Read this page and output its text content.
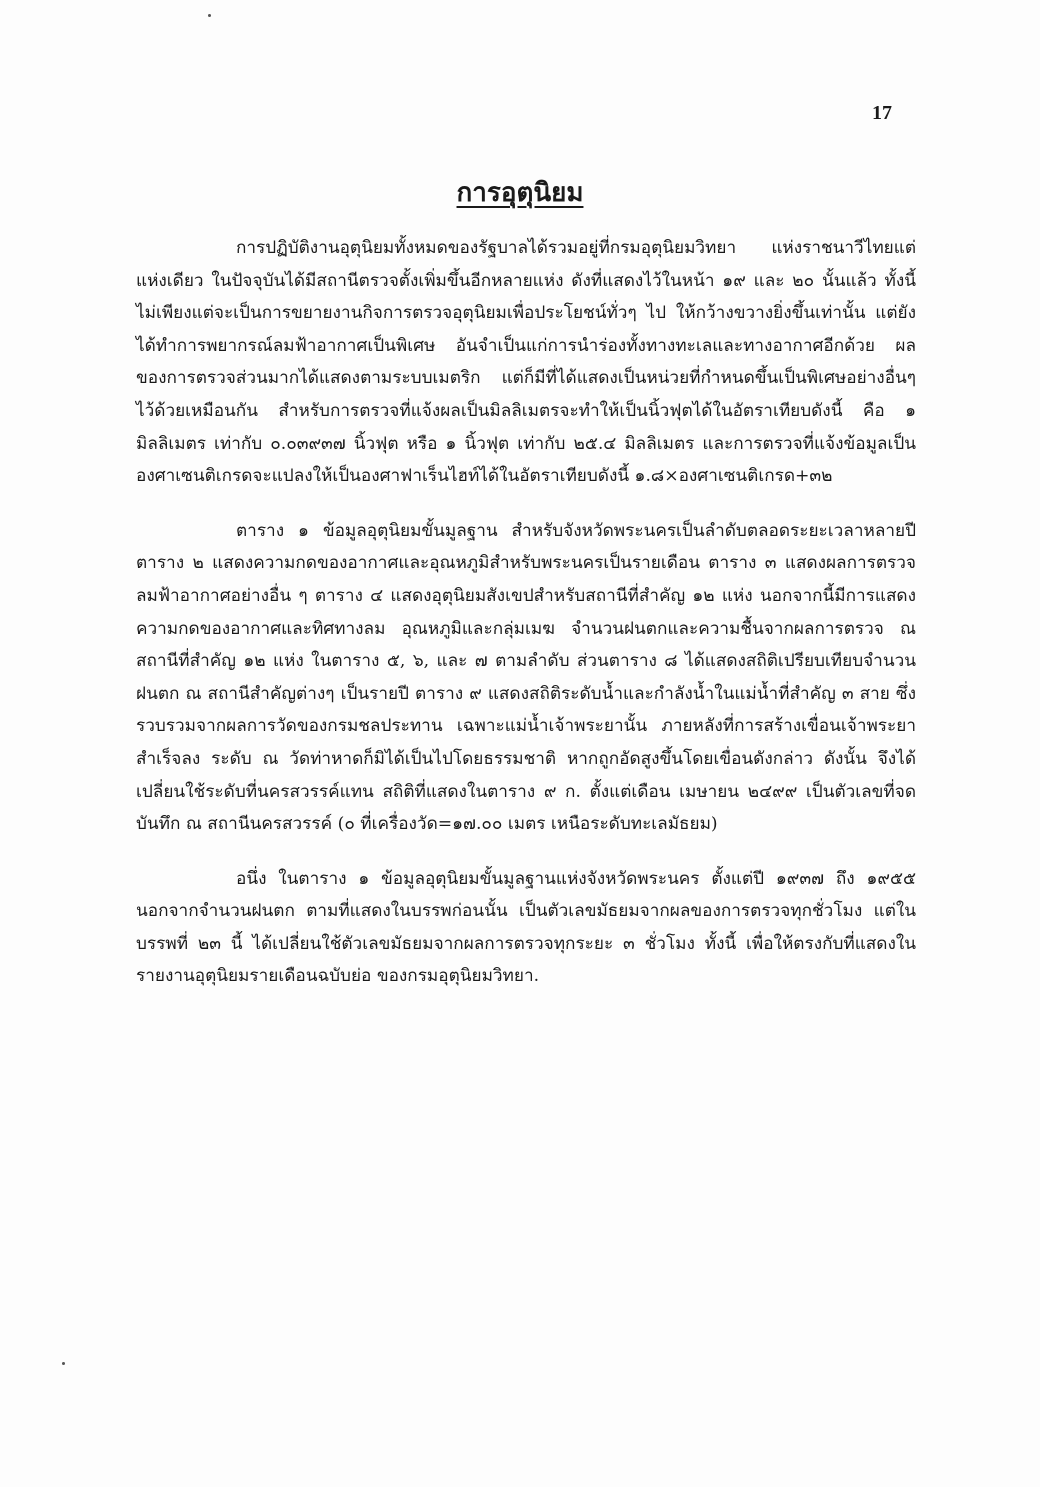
17
การอุตุนิยม

การปฏิบัติงานอุตุนิยมทั้งหมดของรัฐบาลได้รวมอยู่ที่กรมอุตุนิยมวิทยา แห่งราชนาวีไทยแต่แห่งเดียว ในปัจจุบันได้มีสถานีตรวจตั้งเพิ่มขึ้นอีกหลายแห่ง ดังที่แสดงไว้ในหน้า ๑๙ และ ๒๐ นั้นแล้ว ทั้งนี้ไม่เพียงแต่จะเป็นการขยายงานกิจการตรวจอุตุนิยมเพื่อประโยชน์ทั่วๆ ไป ให้กว้างขวางยิ่งขึ้นเท่านั้น แต่ยังได้ทำการพยากรณ์ลมฟ้าอากาศเป็นพิเศษ อันจำเป็นแก่การนำร่องทั้งทางทะเลและทางอากาศอีกด้วย ผลของการตรวจส่วนมากได้แสดงตามระบบเมตริก แต่ก็มีที่ได้แสดงเป็นหน่วยที่กำหนดขึ้นเป็นพิเศษอย่างอื่นๆ ไว้ด้วยเหมือนกัน สำหรับการตรวจที่แจ้งผลเป็นมิลลิเมตรจะทำให้เป็นนิ้วฟุตได้ในอัตราเทียบดังนี้ คือ ๑ มิลลิเมตร เท่ากับ ๐.๐๓๙๓๗ นิ้วฟุต หรือ ๑ นิ้วฟุต เท่ากับ ๒๕.๔ มิลลิเมตร และการตรวจที่แจ้งข้อมูลเป็นองศาเซนติเกรดจะแปลงให้เป็นองศาฟาเร็นไฮท์ได้ในอัตราเทียบดังนี้ ๑.๘×องศาเซนติเกรด+๓๒

ตาราง ๑ ข้อมูลอุตุนิยมขั้นมูลฐาน สำหรับจังหวัดพระนครเป็นลำดับตลอดระยะเวลาหลายปี ตาราง ๒ แสดงความกดของอากาศและอุณหภูมิสำหรับพระนครเป็นรายเดือน ตาราง ๓ แสดงผลการตรวจลมฟ้าอากาศอย่างอื่น ๆ ตาราง ๔ แสดงอุตุนิยมสังเขปสำหรับสถานีที่สำคัญ ๑๒ แห่ง นอกจากนี้มีการแสดงความกดของอากาศและทิศทางลม อุณหภูมิและกลุ่มเมฆ จำนวนฝนตกและความชื้นจากผลการตรวจ ณ สถานีที่สำคัญ ๑๒ แห่ง ในตาราง ๕, ๖, และ ๗ ตามลำดับ ส่วนตาราง ๘ ได้แสดงสถิติเปรียบเทียบจำนวนฝนตก ณ สถานีสำคัญต่างๆ เป็นรายปี ตาราง ๙ แสดงสถิติระดับน้ำและกำลังน้ำในแม่น้ำที่สำคัญ ๓ สาย ซึ่งรวบรวมจากผลการวัดของกรมชลประทาน เฉพาะแม่น้ำเจ้าพระยานั้น ภายหลังที่การสร้างเขื่อนเจ้าพระยาสำเร็จลง ระดับ ณ วัดท่าหาดก็มิได้เป็นไปโดยธรรมชาติ หากถูกอัดสูงขึ้นโดยเขื่อนดังกล่าว ดังนั้น จึงได้เปลี่ยนใช้ระดับที่นครสวรรค์แทน สถิติที่แสดงในตาราง ๙ ก. ตั้งแต่เดือน เมษายน ๒๔๙๙ เป็นตัวเลขที่จดบันทึก ณ สถานีนครสวรรค์ (๐ ที่เครื่องวัด=๑๗.๐๐ เมตร เหนือระดับทะเลมัธยม)

อนึ่ง ในตาราง ๑ ข้อมูลอุตุนิยมขั้นมูลฐานแห่งจังหวัดพระนคร ตั้งแต่ปี ๑๙๓๗ ถึง ๑๙๕๕ นอกจากจำนวนฝนตก ตามที่แสดงในบรรพก่อนนั้น เป็นตัวเลขมัธยมจากผลของการตรวจทุกชั่วโมง แต่ในบรรพที่ ๒๓ นี้ ได้เปลี่ยนใช้ตัวเลขมัธยมจากผลการตรวจทุกระยะ ๓ ชั่วโมง ทั้งนี้ เพื่อให้ตรงกับที่แสดงในรายงานอุตุนิยมรายเดือนฉบับย่อ ของกรมอุตุนิยมวิทยา.
